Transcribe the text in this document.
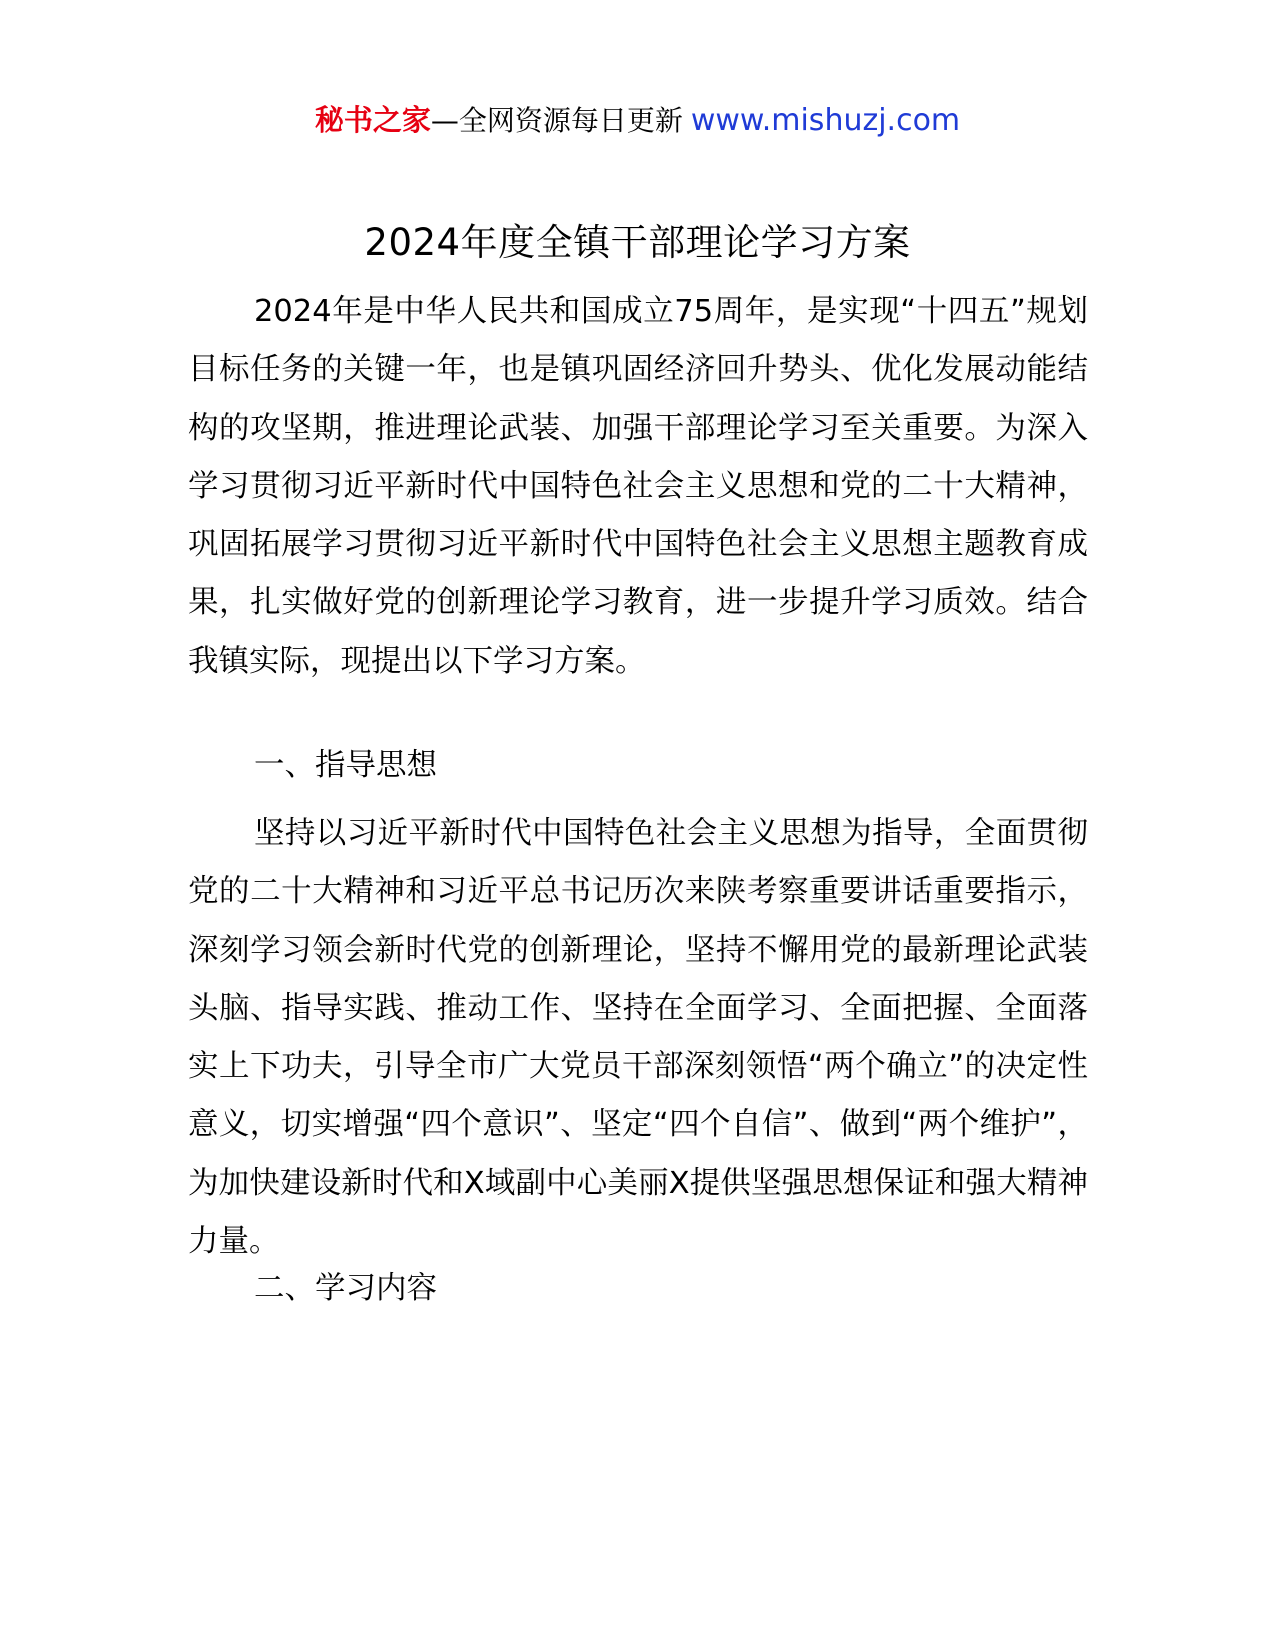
秘书之家—全网资源每日更新 www.mishuzj.com
2024年度全镇干部理论学习方案

2024年是中华人民共和国成立75周年，是实现“十四五”规划目标任务的关键一年，也是镇巩固经济回升势头、优化发展动能结构的攻坚期，推进理论武装、加强干部理论学习至关重要。为深入学习贯彻习近平新时代中国特色社会主义思想和党的二十大精神，巩固拓展学习贯彻习近平新时代中国特色社会主义思想主题教育成果，扎实做好党的创新理论学习教育，进一步提升学习质效。结合我镇实际，现提出以下学习方案。

一、指导思想

坚持以习近平新时代中国特色社会主义思想为指导，全面贯彻党的二十大精神和习近平总书记历次来陕考察重要讲话重要指示，深刻学习领会新时代党的创新理论，坚持不懈用党的最新理论武装头脑、指导实践、推动工作、坚持在全面学习、全面把握、全面落实上下功夫，引导全市广大党员干部深刻领悟“两个确立”的决定性意义，切实增强“四个意识”、坚定“四个自信”、做到“两个维护”，为加快建设新时代和X域副中心美丽X提供坚强思想保证和强大精神力量。

二、学习内容
